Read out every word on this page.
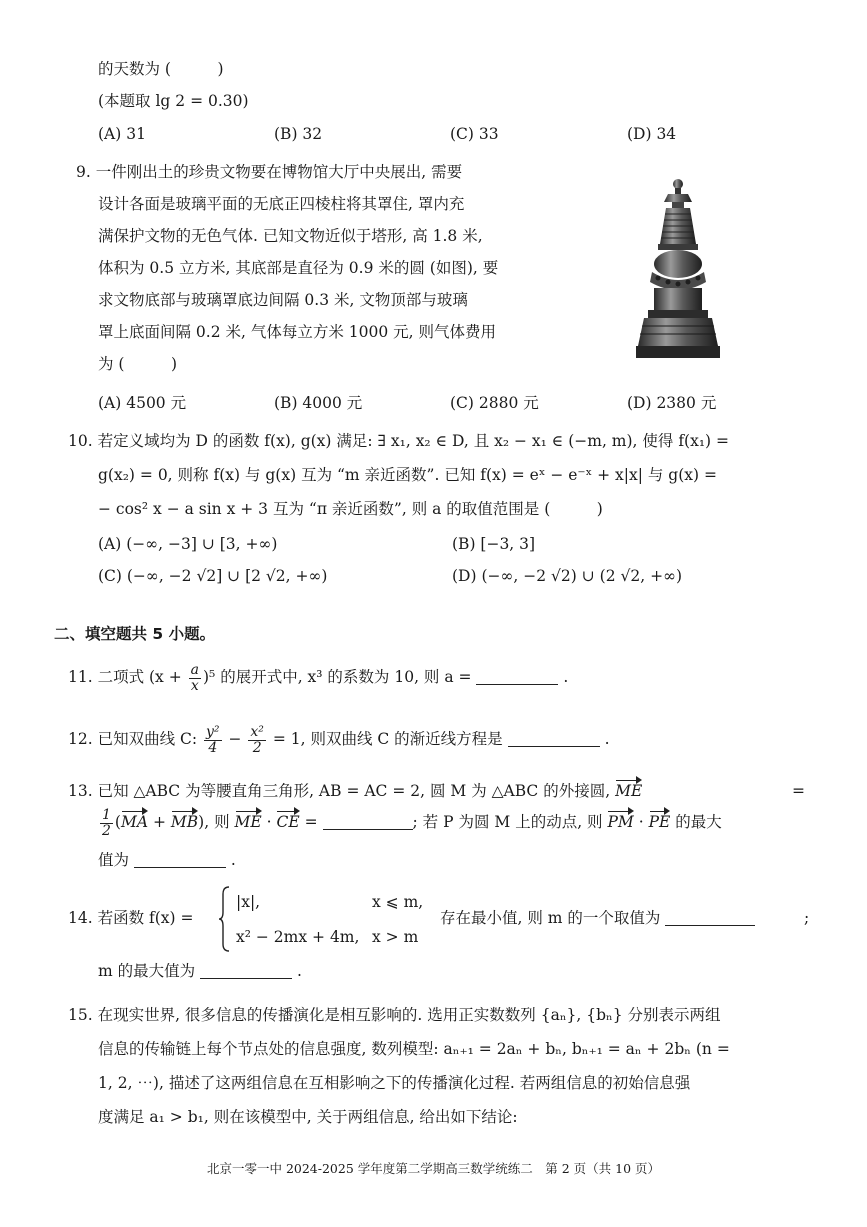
的天数为 (　　　)
(本题取 lg 2 = 0.30)
(A) 31	(B) 32	(C) 33	(D) 34
9. 一件刚出土的珍贵文物要在博物馆大厅中央展出, 需要
设计各面是玻璃平面的无底正四棱柱将其罩住, 罩内充
满保护文物的无色气体. 已知文物近似于塔形, 高 1.8 米,
体积为 0.5 立方米, 其底部是直径为 0.9 米的圆 (如图), 要
求文物底部与玻璃罩底边间隔 0.3 米, 文物顶部与玻璃
罩上底面间隔 0.2 米, 气体每立方米 1000 元, 则气体费用
为 (　　　)
(A) 4500 元	(B) 4000 元	(C) 2880 元	(D) 2380 元
10. 若定义域均为 D 的函数 f(x), g(x) 满足: ∃ x₁, x₂ ∈ D, 且 x₂ − x₁ ∈ (−m, m), 使得 f(x₁) =
g(x₂) = 0, 则称 f(x) 与 g(x) 互为 “m 亲近函数”. 已知 f(x) = eˣ − e⁻ˣ + x|x| 与 g(x) =
− cos² x − a sin x + 3 互为 “π 亲近函数”, 则 a 的取值范围是 (　　　)
(A) (−∞, −3] ∪ [3, +∞)	(B) [−3, 3]
(C) (−∞, −2 √2] ∪ [2 √2, +∞)	(D) (−∞, −2 √2) ∪ (2 √2, +∞)
二、填空题共 5 小题。
11. 二项式 $(x + \frac{a}{x} )^5$ 的展开式中, x³ 的系数为 10, 则 a =	.
12. 已知双曲线 C: $\frac{\text{y²}}{4} - \frac{\text{x²}}{2} = 1$, 则双曲线 C 的渐近线方程是	.
13. 已知 △ABC 为等腰直角三角形, AB = AC = 2, 圆 M 为 △ABC 的外接圆, ME	=
$\frac{1}{2} (MA + MB)$, 则 ME · CE =	; 若 P 为圆 M 上的动点, 则 PM · PE 的最大
值为	.
14. 若函数 f(x) =
|x|,	x ⩽ m,
x² − 2mx + 4m, x > m
存在最小值, 则 m 的一个取值为	;
m 的最大值为	.
15. 在现实世界, 很多信息的传播演化是相互影响的. 选用正实数数列 {aₙ}, {bₙ} 分别表示两组
信息的传输链上每个节点处的信息强度, 数列模型: aₙ₊₁ = 2aₙ + bₙ, bₙ₊₁ = aₙ + 2bₙ (n =
1, 2, ⋯), 描述了这两组信息在互相影响之下的传播演化过程. 若两组信息的初始信息强
度满足 a₁ > b₁, 则在该模型中, 关于两组信息, 给出如下结论:
北京一零一中 2024-2025 学年度第二学期高三数学统练二　第 2 页（共 10 页）
